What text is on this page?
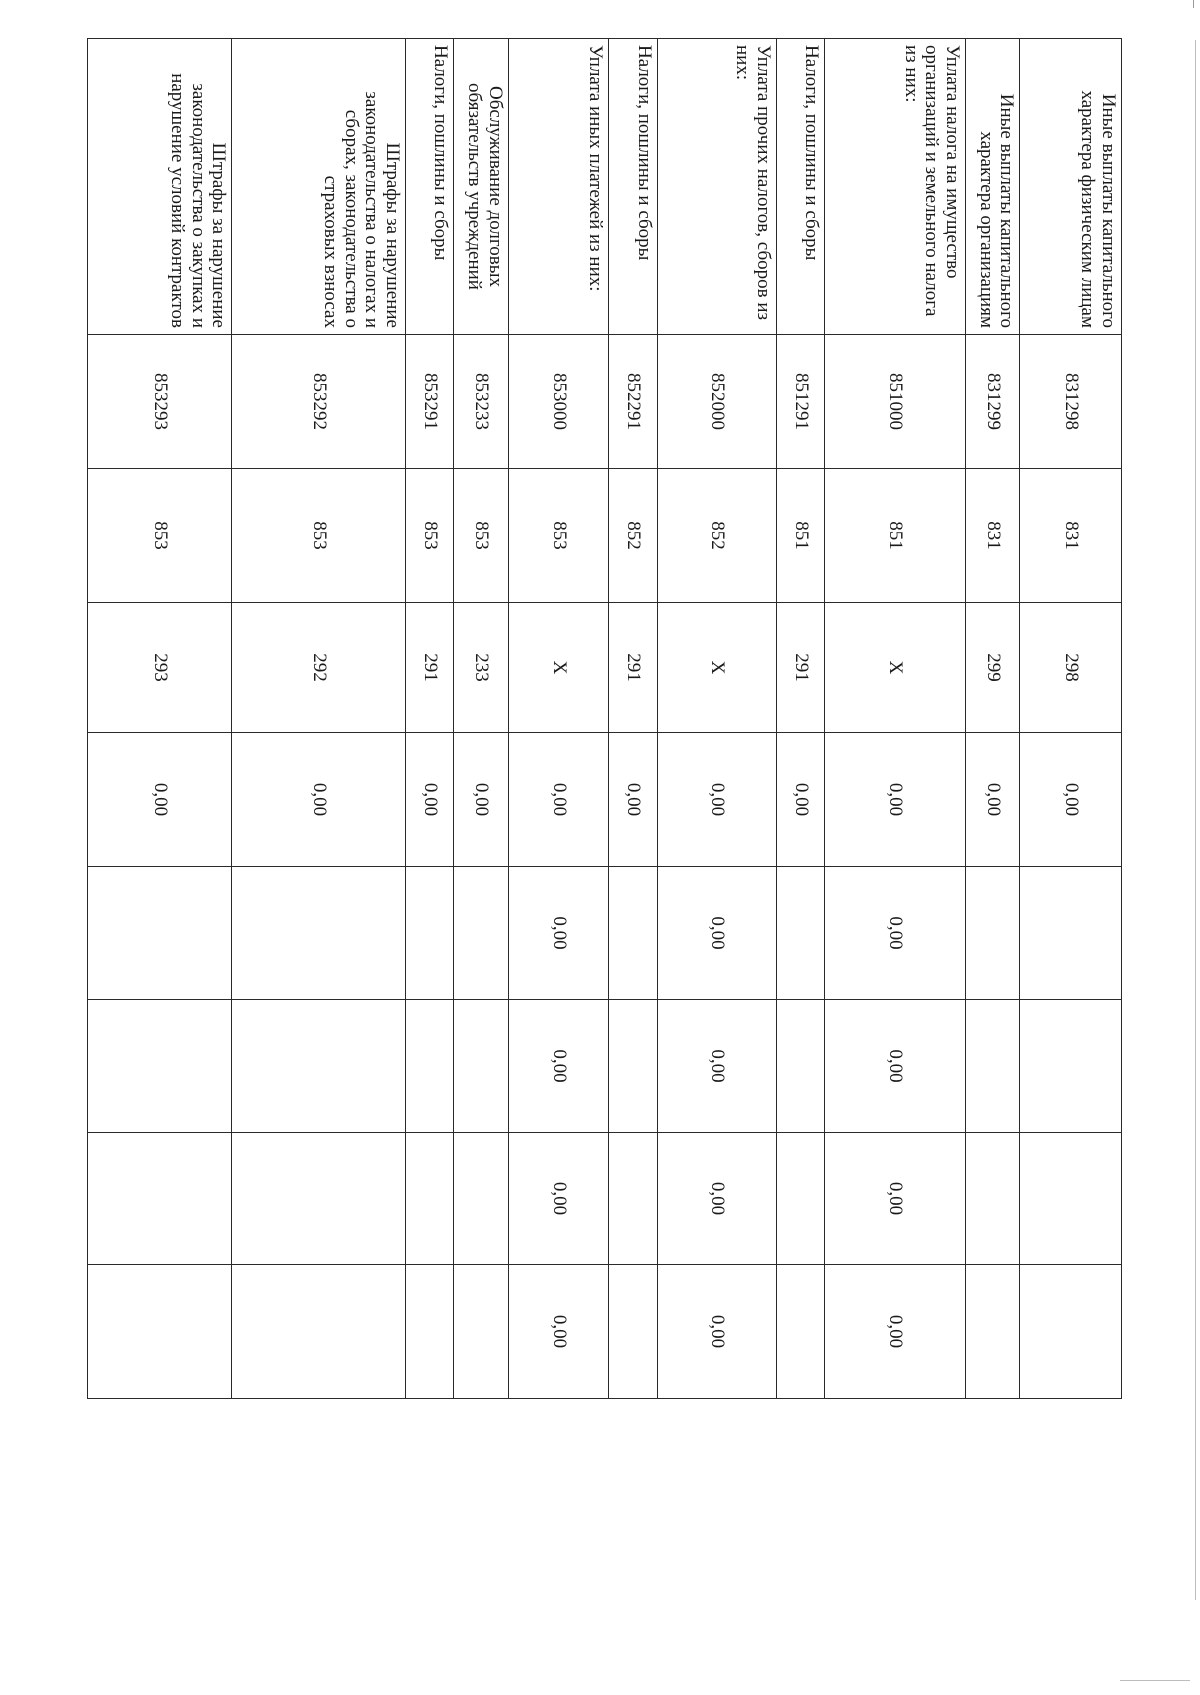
Иные выплаты капитального характера физическим лицам	831298	831	298	0,00				
Иные выплаты капитального характера организациям	831299	831	299	0,00				
Уплата налога на имущество организаций и земельного налога из них:	851000	851	X	0,00	0,00	0,00	0,00	0,00
Налоги, пошлины и сборы	851291	851	291	0,00				
Уплата прочих налогов, сборов из них:	852000	852	X	0,00	0,00	0,00	0,00	0,00
Налоги, пошлины и сборы	852291	852	291	0,00				
Уплата иных платежей из них:	853000	853	X	0,00	0,00	0,00	0,00	0,00
Обслуживание долговых обязательств учреждений	853233	853	233	0,00				
Налоги, пошлины и сборы	853291	853	291	0,00				
Штрафы за нарушение законодательства о налогах и сборах, законодательства о страховых взносах	853292	853	292	0,00				
Штрафы за нарушение законодательства о закупках и нарушение условий контрактов	853293	853	293	0,00				
